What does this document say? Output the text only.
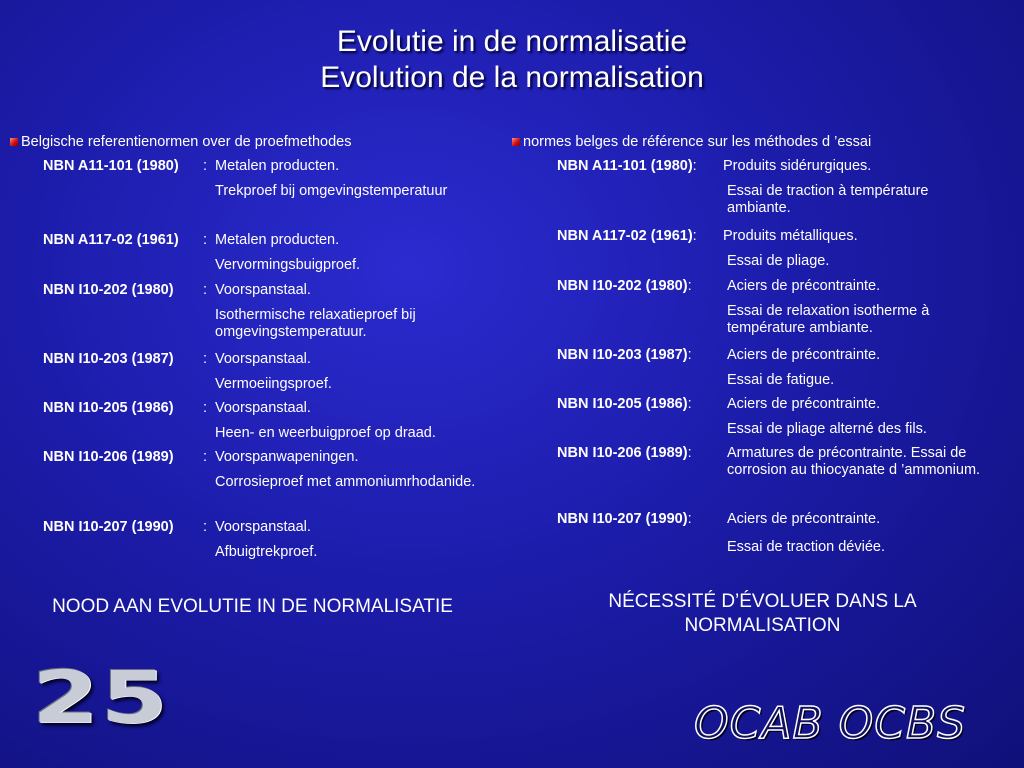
Evolutie in de normalisatie
Evolution de la normalisation
Belgische referentienormen over de proefmethodes
NBN A11-101 (1980) : Metalen producten.
Trekproef bij omgevingstemperatuur
NBN A117-02 (1961) : Metalen producten.
Vervormingsbuigproef.
NBN I10-202 (1980) : Voorspanstaal.
Isothermische relaxatieproef bij omgevingstemperatuur.
NBN I10-203 (1987) : Voorspanstaal.
Vermoeiingsproef.
NBN I10-205 (1986) : Voorspanstaal.
Heen- en weerbuigproef op draad.
NBN I10-206 (1989) : Voorspanwapeningen.
Corrosieproef met ammoniumrhodanide.
NBN I10-207 (1990) : Voorspanstaal.
Afbuigtrekproef.
normes belges de référence sur les méthodes d ’essai
NBN A11-101 (1980): Produits sidérurgiques.
Essai de traction à température ambiante.
NBN A117-02 (1961): Produits métalliques.
Essai de pliage.
NBN I10-202 (1980): Aciers de précontrainte.
Essai de relaxation isotherme à température ambiante.
NBN I10-203 (1987): Aciers de précontrainte.
Essai de fatigue.
NBN I10-205 (1986): Aciers de précontrainte.
Essai de pliage alterné des fils.
NBN I10-206 (1989): Armatures de précontrainte. Essai de corrosion au thiocyanate d ’ammonium.
NBN I10-207 (1990): Aciers de précontrainte.
Essai de traction déviée.
NOOD AAN EVOLUTIE IN DE NORMALISATIE	NÉCESSITÉ D’ÉVOLUER DANS LA NORMALISATION
25	OCAB OCBS
